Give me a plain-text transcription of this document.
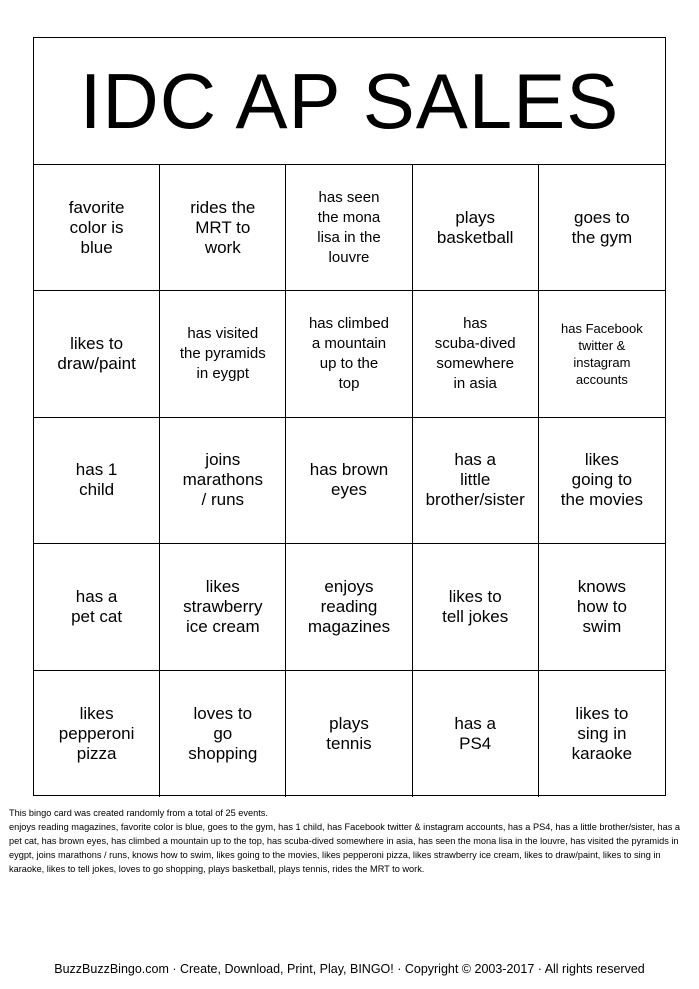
IDC AP SALES
favorite
color is
blue
rides the
MRT to
work
has seen
the mona
lisa in the
louvre
plays
basketball
goes to
the gym
likes to
draw/paint
has visited
the pyramids
in eygpt
has climbed
a mountain
up to the
top
has
scuba-dived
somewhere
in asia
has Facebook
twitter &
instagram
accounts
has 1
child
joins
marathons
/ runs
has brown
eyes
has a
little
brother/sister
likes
going to
the movies
has a
pet cat
likes
strawberry
ice cream
enjoys
reading
magazines
likes to
tell jokes
knows
how to
swim
likes
pepperoni
pizza
loves to
go
shopping
plays
tennis
has a
PS4
likes to
sing in
karaoke
This bingo card was created randomly from a total of 25 events.
enjoys reading magazines, favorite color is blue, goes to the gym, has 1 child, has Facebook twitter & instagram accounts, has a PS4, has a little brother/sister, has a pet cat, has brown eyes, has climbed a mountain up to the top, has scuba-dived somewhere in asia, has seen the mona lisa in the louvre, has visited the pyramids in eygpt, joins marathons / runs, knows how to swim, likes going to the movies, likes pepperoni pizza, likes strawberry ice cream, likes to draw/paint, likes to sing in karaoke, likes to tell jokes, loves to go shopping, plays basketball, plays tennis, rides the MRT to work.
BuzzBuzzBingo.com · Create, Download, Print, Play, BINGO! · Copyright © 2003-2017 · All rights reserved
